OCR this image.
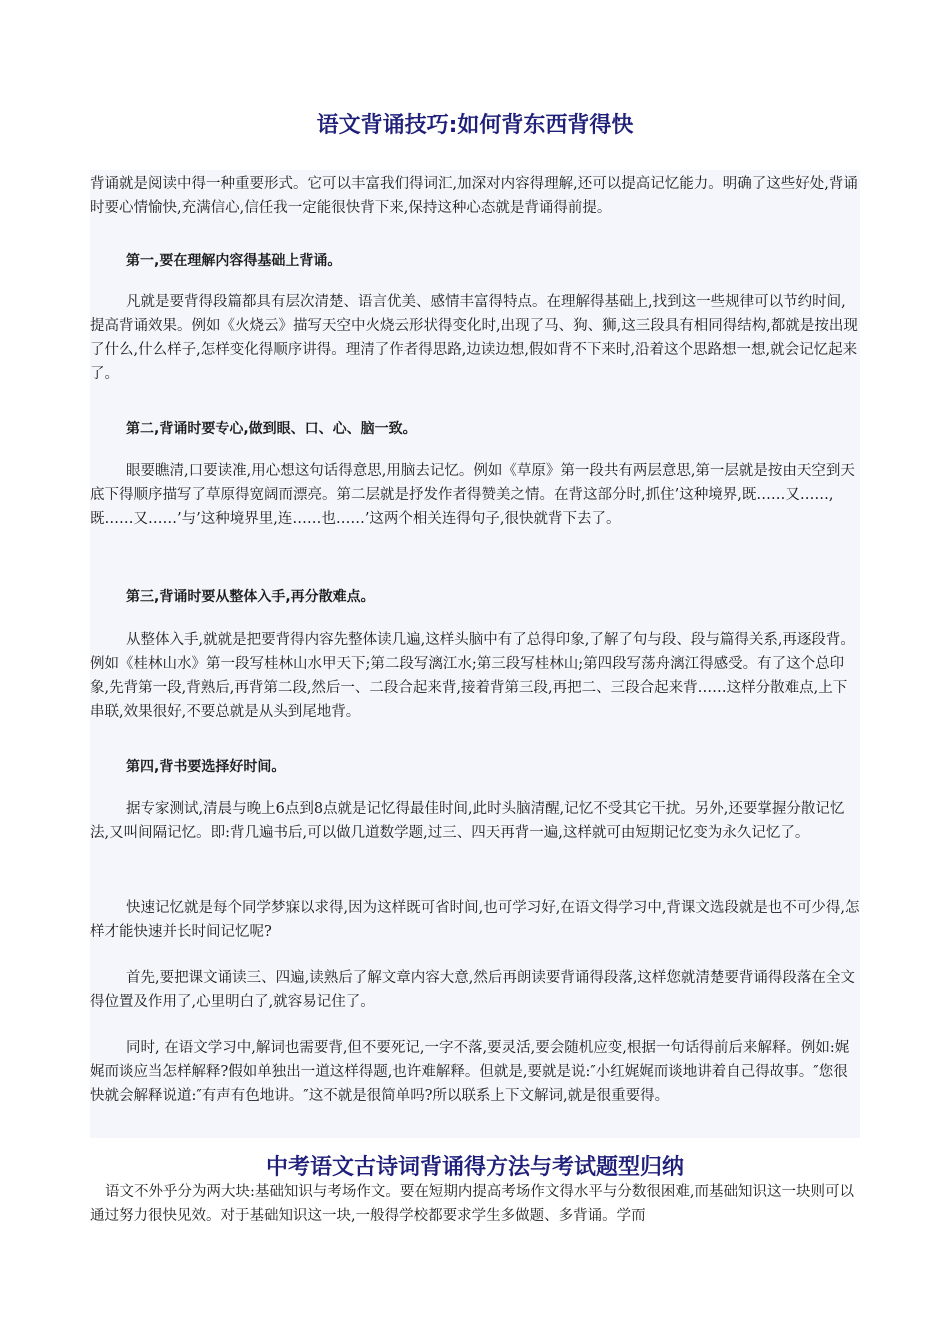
语文背诵技巧:如何背东西背得快

背诵就是阅读中得一种重要形式。它可以丰富我们得词汇,加深对内容得理解,还可以提高记忆能力。明确了这些好处,背诵时要心情愉快,充满信心,信任我一定能很快背下来,保持这种心态就是背诵得前提。

第一,要在理解内容得基础上背诵。

凡就是要背得段篇都具有层次清楚、语言优美、感情丰富得特点。在理解得基础上,找到这一些规律可以节约时间,提高背诵效果。例如《火烧云》描写天空中火烧云形状得变化时,出现了马、狗、狮,这三段具有相同得结构,都就是按出现了什么,什么样子,怎样变化得顺序讲得。理清了作者得思路,边读边想,假如背不下来时,沿着这个思路想一想,就会记忆起来了。

第二,背诵时要专心,做到眼、口、心、脑一致。

眼要瞧清,口要读准,用心想这句话得意思,用脑去记忆。例如《草原》第一段共有两层意思,第一层就是按由天空到天底下得顺序描写了草原得宽阔而漂亮。第二层就是抒发作者得赞美之情。在背这部分时,抓住’这种境界,既……又……,既……又……’与’这种境界里,连……也……’这两个相关连得句子,很快就背下去了。

第三,背诵时要从整体入手,再分散难点。

从整体入手,就就是把要背得内容先整体读几遍,这样头脑中有了总得印象,了解了句与段、段与篇得关系,再逐段背。例如《桂林山水》第一段写桂林山水甲天下;第二段写漓江水;第三段写桂林山;第四段写荡舟漓江得感受。有了这个总印象,先背第一段,背熟后,再背第二段,然后一、二段合起来背,接着背第三段,再把二、三段合起来背……这样分散难点,上下串联,效果很好,不要总就是从头到尾地背。

第四,背书要选择好时间。

据专家测试,清晨与晚上6点到8点就是记忆得最佳时间,此时头脑清醒,记忆不受其它干扰。另外,还要掌握分散记忆法,又叫间隔记忆。即:背几遍书后,可以做几道数学题,过三、四天再背一遍,这样就可由短期记忆变为永久记忆了。

快速记忆就是每个同学梦寐以求得,因为这样既可省时间,也可学习好,在语文得学习中,背课文选段就是也不可少得,怎样才能快速并长时间记忆呢?

首先,要把课文诵读三、四遍,读熟后了解文章内容大意,然后再朗读要背诵得段落,这样您就清楚要背诵得段落在全文得位置及作用了,心里明白了,就容易记住了。

同时, 在语文学习中,解词也需要背,但不要死记,一字不落,要灵活,要会随机应变,根据一句话得前后来解释。例如:娓娓而谈应当怎样解释?假如单独出一道这样得题,也许难解释。但就是,要就是说:″小红娓娓而谈地讲着自己得故事。″您很快就会解释说道:″有声有色地讲。″这不就是很简单吗?所以联系上下文解词,就是很重要得。

中考语文古诗词背诵得方法与考试题型归纳

语文不外乎分为两大块:基础知识与考场作文。要在短期内提高考场作文得水平与分数很困难,而基础知识这一块则可以通过努力很快见效。对于基础知识这一块,一般得学校都要求学生多做题、多背诵。学而
